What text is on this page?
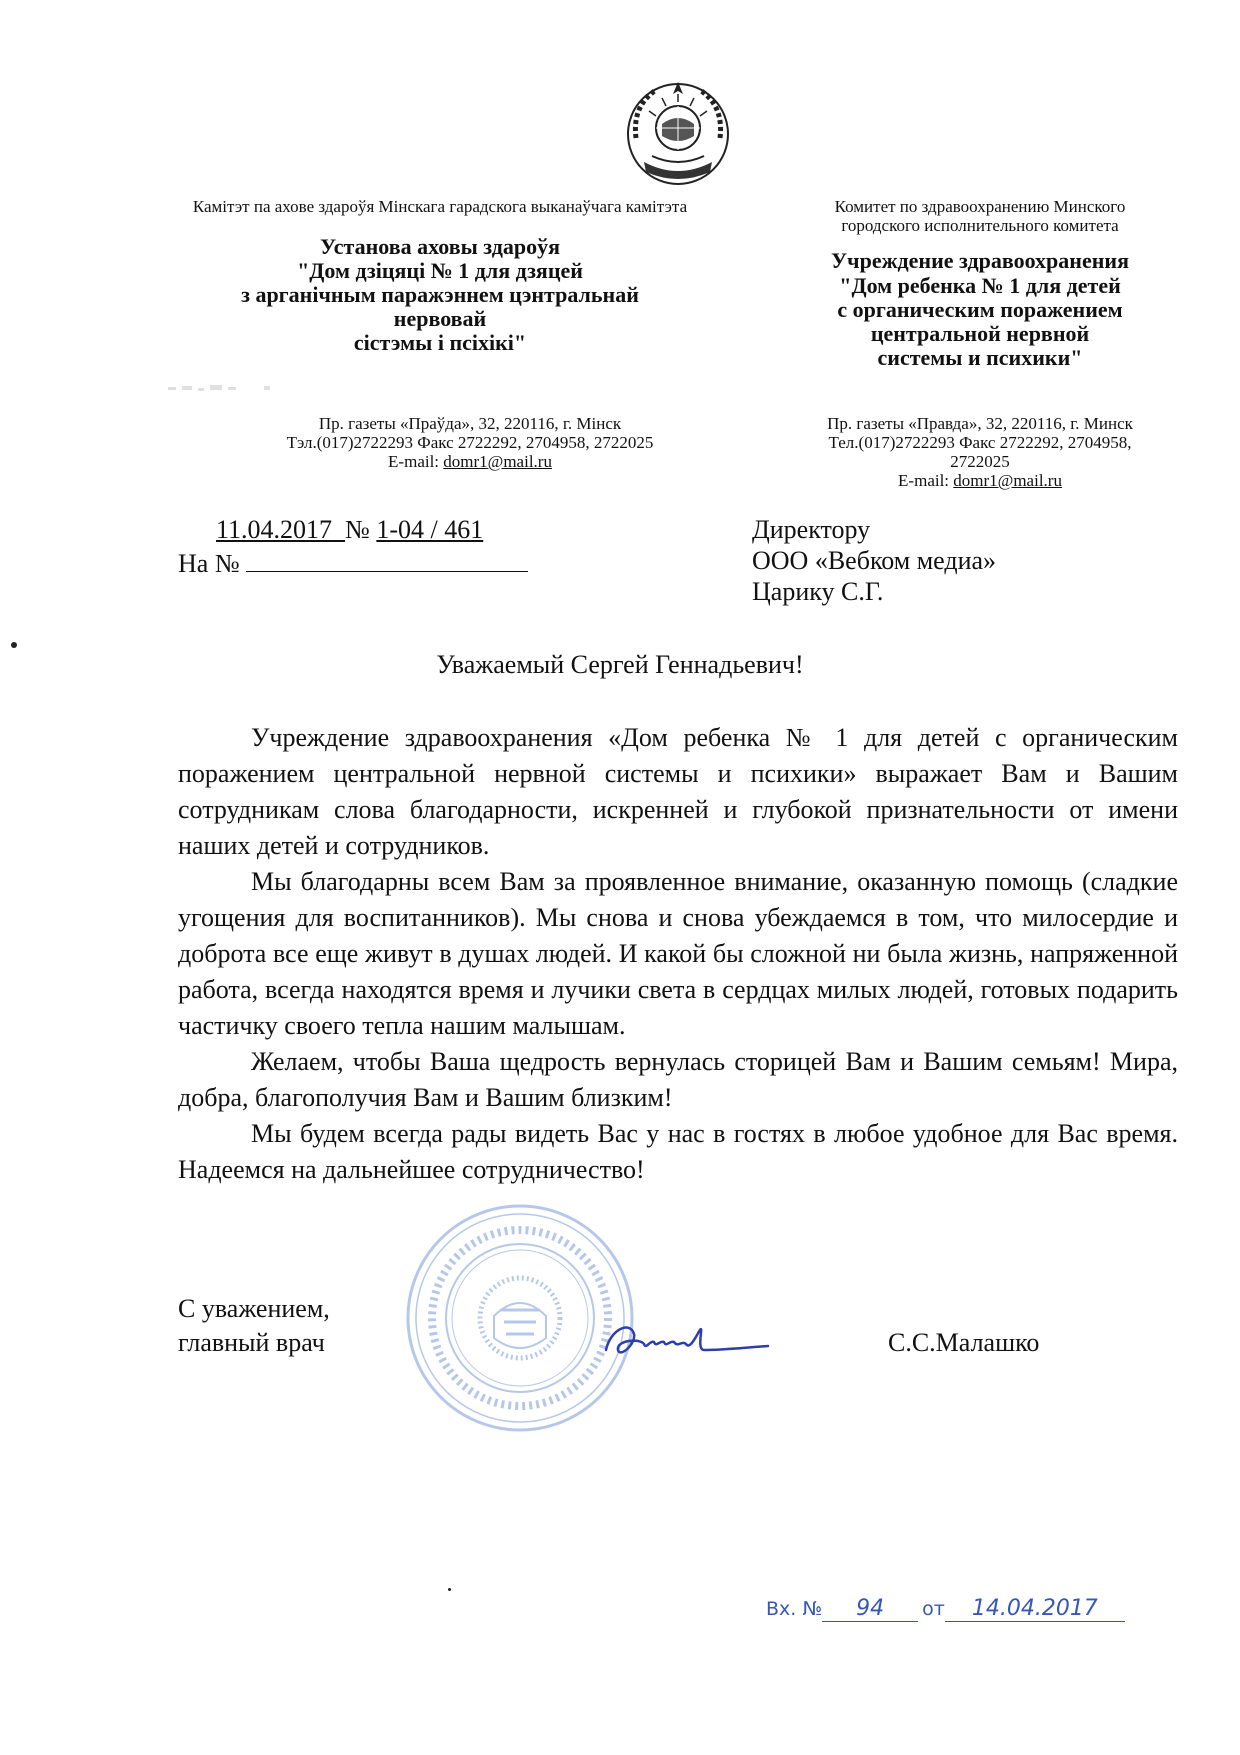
Камітэт па ахове здароўя Мінскага гарадскога выканаўчага камітэта
Установа аховы здароўя
"Дом дзіцяці № 1 для дзяцей
з арганічным паражэннем цэнтральнай
нервовай
сістэмы і псіхікі"
Пр. газеты «Праўда», 32, 220116, г. Мінск
Тэл.(017)2722293 Факс 2722292, 2704958, 2722025
E-mail: domr1@mail.ru
Комитет по здравоохранению Минского
городского исполнительного комитета
Учреждение здравоохранения
"Дом ребенка № 1 для детей
с органическим поражением
центральной нервной
системы и психики"
Пр. газеты «Правда», 32, 220116, г. Минск
Тел.(017)2722293 Факс 2722292, 2704958,
2722025
E-mail: domr1@mail.ru
11.04.2017 № 1-04 / 461
На №
Директору
ООО «Вебком медиа»
Царику С.Г.
Уважаемый Сергей Геннадьевич!

Учреждение здравоохранения «Дом ребенка № 1 для детей с органическим поражением центральной нервной системы и психики» выражает Вам и Вашим сотрудникам слова благодарности, искренней и глубокой признательности от имени наших детей и сотрудников.

Мы благодарны всем Вам за проявленное внимание, оказанную помощь (сладкие угощения для воспитанников). Мы снова и снова убеждаемся в том, что милосердие и доброта все еще живут в душах людей. И какой бы сложной ни была жизнь, напряженной работа, всегда находятся время и лучики света в сердцах милых людей, готовых подарить частичку своего тепла нашим малышам.

Желаем, чтобы Ваша щедрость вернулась сторицей Вам и Вашим семьям! Мира, добра, благополучия Вам и Вашим близким!

Мы будем всегда рады видеть Вас у нас в гостях в любое удобное для Вас время. Надеемся на дальнейшее сотрудничество!

С уважением,
главный врач	С.С.Малашко
Вх. № 94 от 14.04.2017
